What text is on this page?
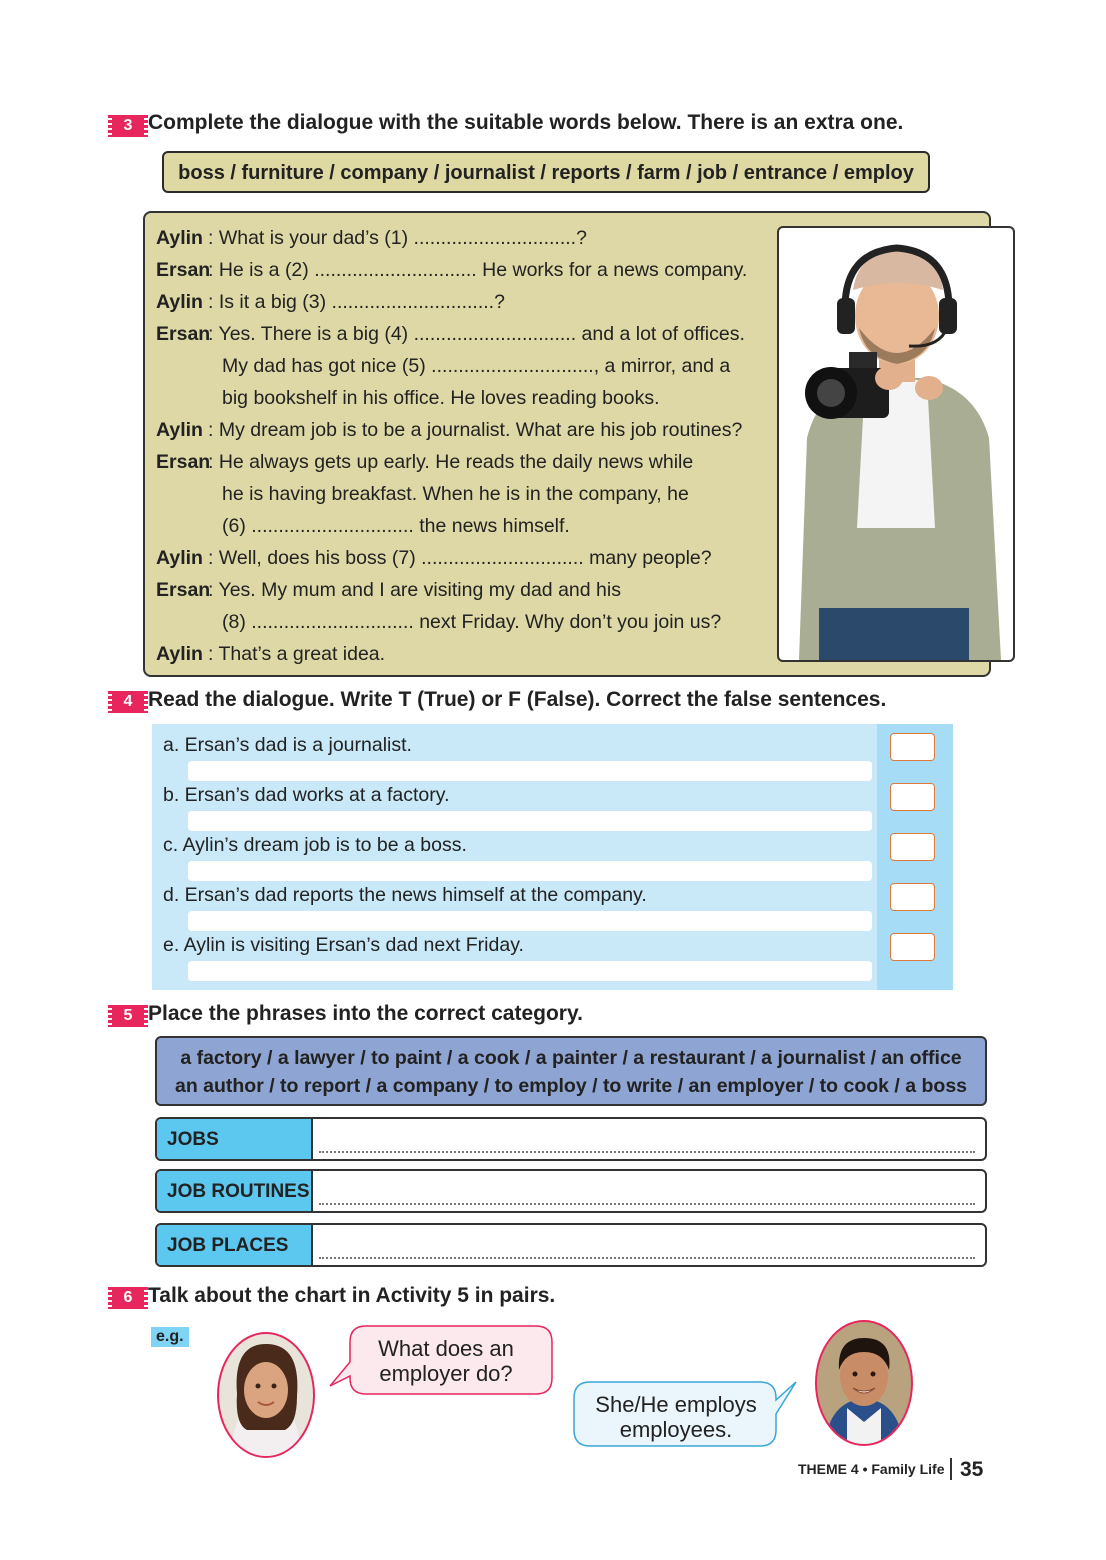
3 Complete the dialogue with the suitable words below. There is an extra one.
boss / furniture / company / journalist / reports / farm / job / entrance / employ
Aylin : What is your dad’s (1) ..............................?
Ersan: He is a (2) .............................. He works for a news company.
Aylin : Is it a big (3) ..............................?
Ersan: Yes. There is a big (4) .............................. and a lot of offices.
My dad has got nice (5) .............................., a mirror, and a
big bookshelf in his office. He loves reading books.
Aylin : My dream job is to be a journalist. What are his job routines?
Ersan: He always gets up early. He reads the daily news while
he is having breakfast. When he is in the company, he
(6) .............................. the news himself.
Aylin : Well, does his boss (7) .............................. many people?
Ersan: Yes. My mum and I are visiting my dad and his
(8) .............................. next Friday. Why don’t you join us?
Aylin : That’s a great idea.
4 Read the dialogue. Write T (True) or F (False). Correct the false sentences.
a. Ersan’s dad is a journalist.
b. Ersan’s dad works at a factory.
c. Aylin’s dream job is to be a boss.
d. Ersan’s dad reports the news himself at the company.
e. Aylin is visiting Ersan’s dad next Friday.
5 Place the phrases into the correct category.
a factory / a lawyer / to paint / a cook / a painter / a restaurant / a journalist / an office
an author / to report / a company / to employ / to write / an employer / to cook / a boss
JOBS
JOB ROUTINES
JOB PLACES
6 Talk about the chart in Activity 5 in pairs.
e.g.	What does an
employer do?
She/He employs
employees.
THEME 4 • Family Life 35
